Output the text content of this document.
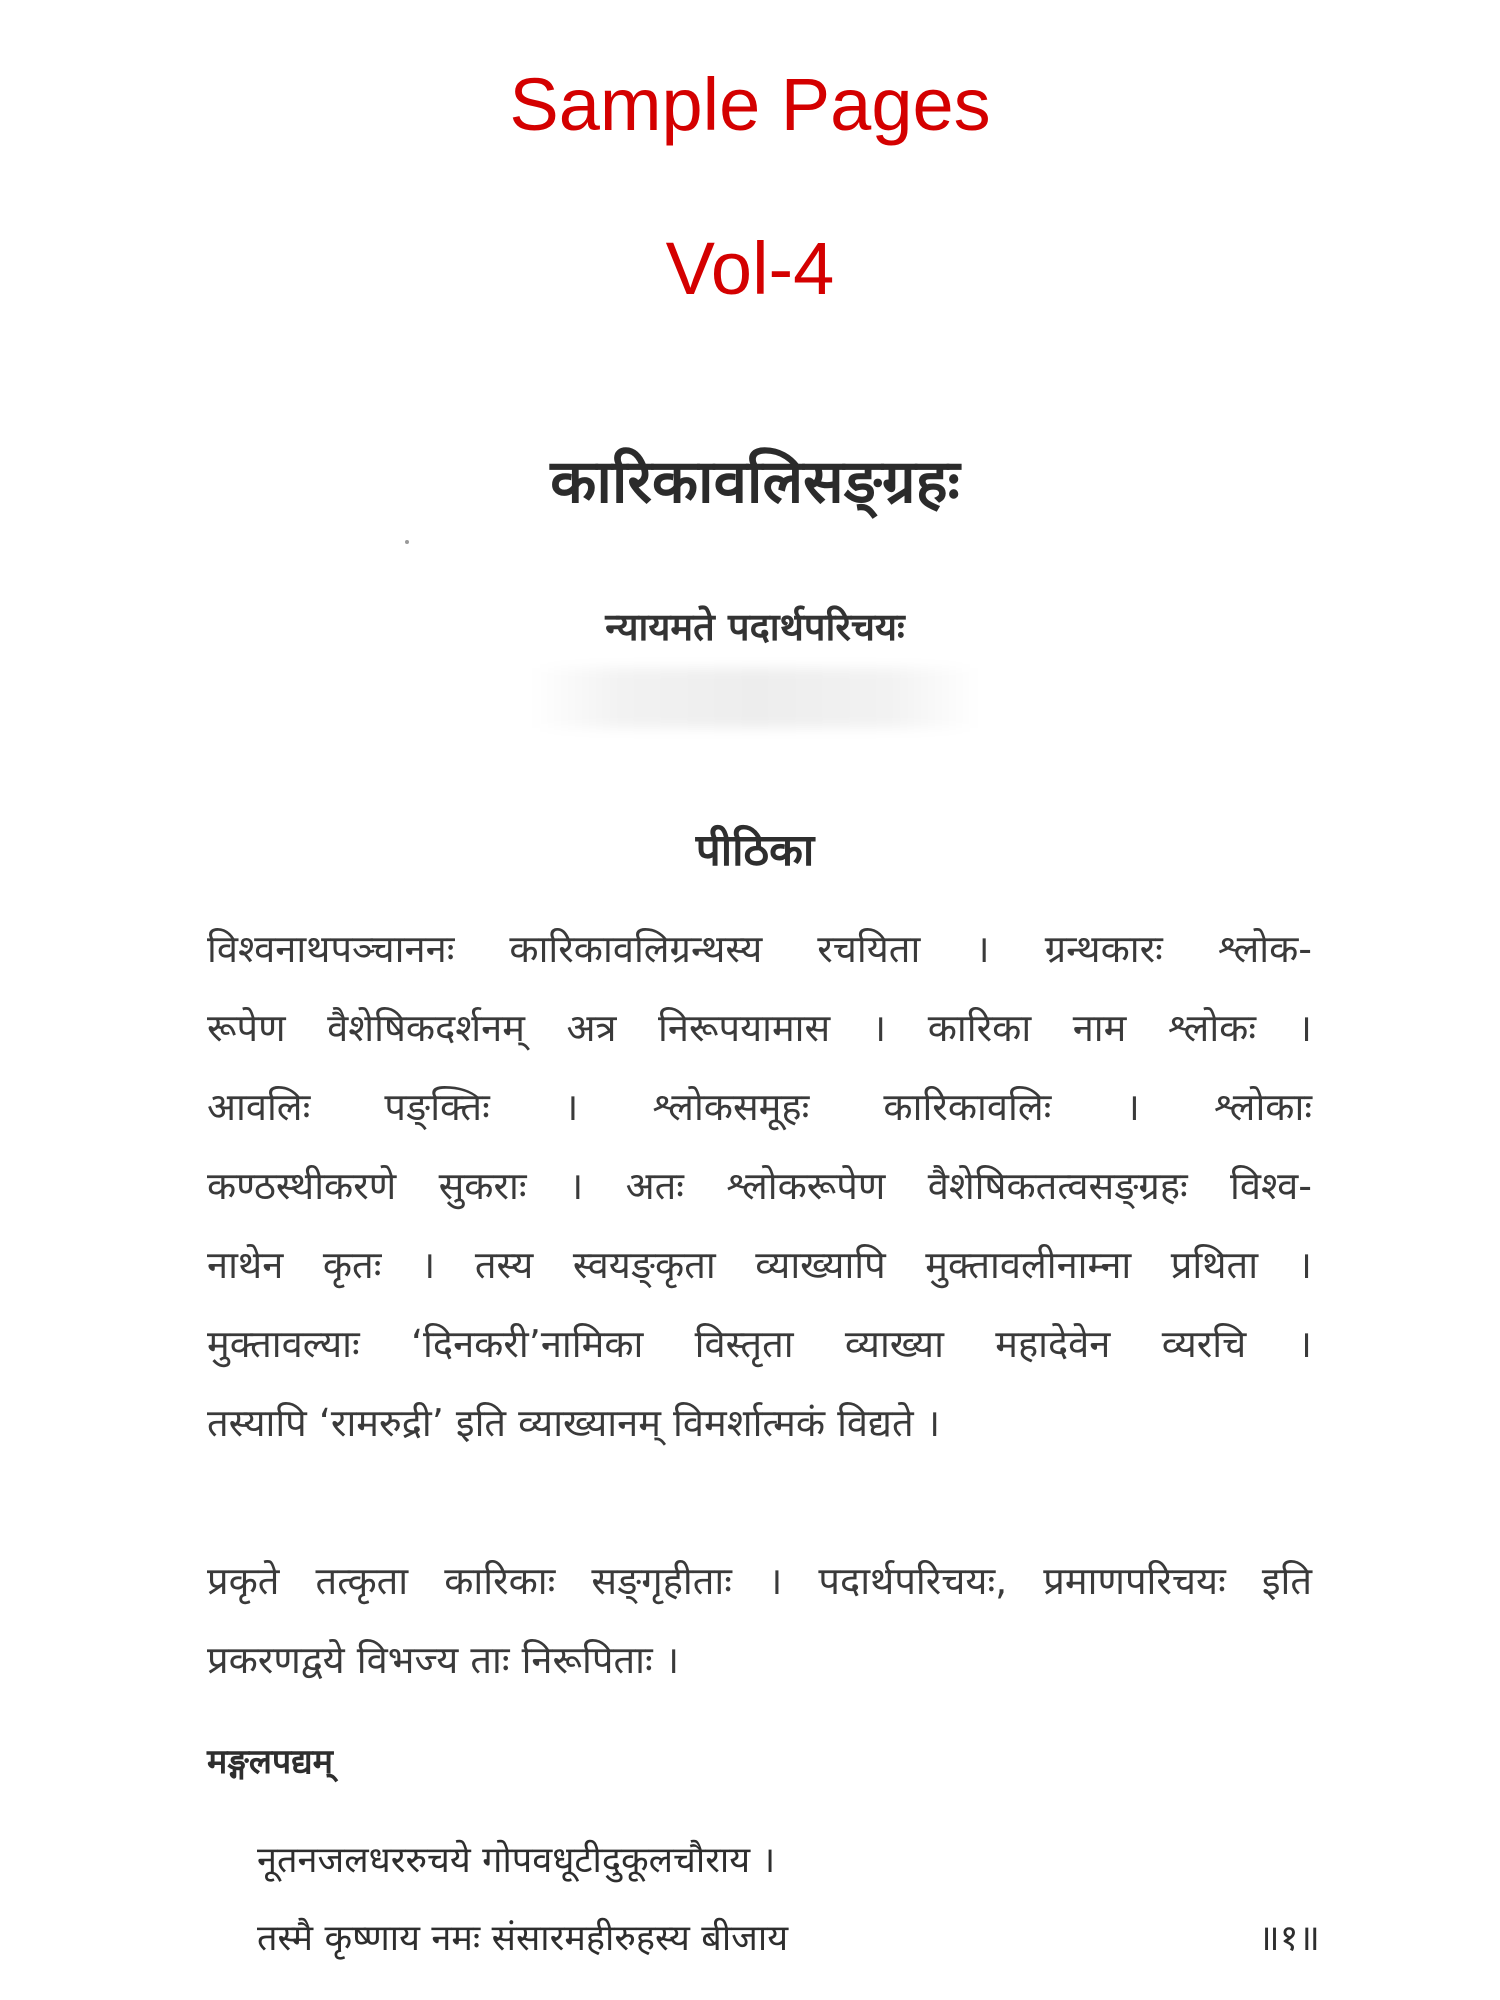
Sample Pages
Vol-4
कारिकावलिसङ्ग्रहः
न्यायमते पदार्थपरिचयः
पीठिका

विश्वनाथपञ्चाननः कारिकावलिग्रन्थस्य रचयिता । ग्रन्थकारः श्लोक-
रूपेण वैशेषिकदर्शनम् अत्र निरूपयामास । कारिका नाम श्लोकः ।
आवलिः पङ्क्तिः । श्लोकसमूहः कारिकावलिः । श्लोकाः
कण्ठस्थीकरणे सुकराः । अतः श्लोकरूपेण वैशेषिकतत्वसङ्ग्रहः विश्व-
नाथेन कृतः । तस्य स्वयङ्कृता व्याख्यापि मुक्तावलीनाम्ना प्रथिता ।
मुक्तावल्याः ‘दिनकरी’नामिका विस्तृता व्याख्या महादेवेन व्यरचि ।
तस्यापि ‘रामरुद्री’ इति व्याख्यानम् विमर्शात्मकं विद्यते ।

प्रकृते तत्कृता कारिकाः सङ्गृहीताः । पदार्थपरिचयः, प्रमाणपरिचयः इति
प्रकरणद्वये विभज्य ताः निरूपिताः ।

मङ्गलपद्यम्
नूतनजलधररुचये गोपवधूटीदुकूलचौराय ।
तस्मै कृष्णाय नमः संसारमहीरुहस्य बीजाय	॥१॥
